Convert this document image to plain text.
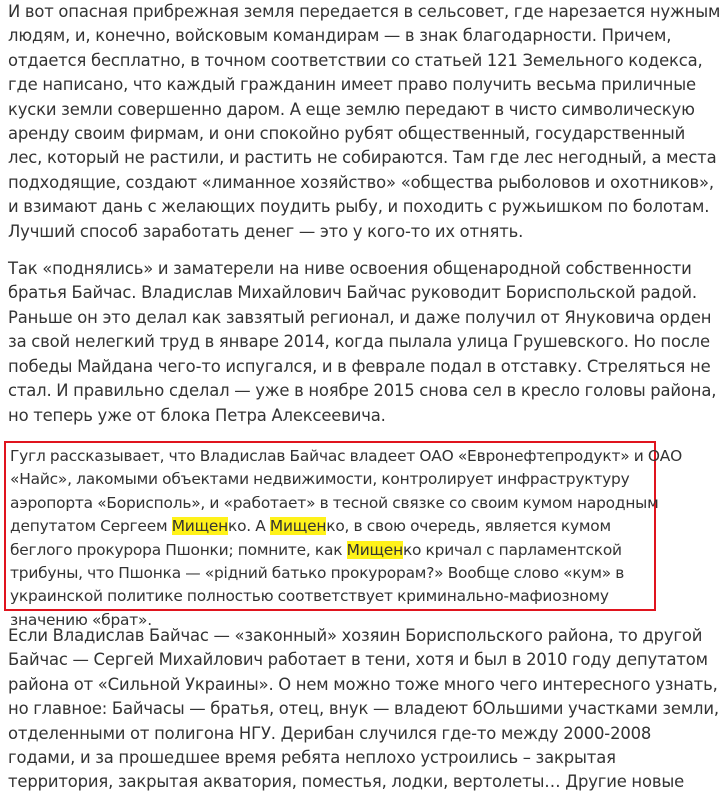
И вот опасная прибрежная земля передается в сельсовет, где нарезается нужным
людям, и, конечно, войсковым командирам — в знак благодарности. Причем,
отдается бесплатно, в точном соответствии со статьей 121 Земельного кодекса,
где написано, что каждый гражданин имеет право получить весьма приличные
куски земли совершенно даром. А еще землю передают в чисто символическую
аренду своим фирмам, и они спокойно рубят общественный, государственный
лес, который не растили, и растить не собираются. Там где лес негодный, а места
подходящие, создают «лиманное хозяйство» «общества рыболовов и охотников»,
и взимают дань с желающих поудить рыбу, и походить с ружьишком по болотам.
Лучший способ заработать денег — это у кого-то их отнять.

Так «поднялись» и заматерели на ниве освоения общенародной собственности
братья Байчас. Владислав Михайлович Байчас руководит Бориспольской радой.
Раньше он это делал как завзятый регионал, и даже получил от Януковича орден
за свой нелегкий труд в январе 2014, когда пылала улица Грушевского. Но после
победы Майдана чего-то испугался, и в феврале подал в отставку. Стреляться не
стал. И правильно сделал — уже в ноябре 2015 снова сел в кресло головы района,
но теперь уже от блока Петра Алексеевича.

Гугл рассказывает, что Владислав Байчас владеет ОАО «Евронефтепродукт» и ОАО
«Найс», лакомыми объектами недвижимости, контролирует инфраструктуру
аэропорта «Борисполь», и «работает» в тесной связке со своим кумом народным
депутатом Сергеем Мищенко. А Мищенко, в свою очередь, является кумом
беглого прокурора Пшонки; помните, как Мищенко кричал с парламентской
трибуны, что Пшонка — «рідний батько прокурорам?» Вообще слово «кум» в
украинской политике полностью соответствует криминально-мафиозному
значению «брат».

Если Владислав Байчас — «законный» хозяин Бориспольского района, то другой
Байчас — Сергей Михайлович работает в тени, хотя и был в 2010 году депутатом
района от «Сильной Украины». О нем можно тоже много чего интересного узнать,
но главное: Байчасы — братья, отец, внук — владеют бОльшими участками земли,
отделенными от полигона НГУ. Дерибан случился где-то между 2000-2008
годами, и за прошедшее время ребята неплохо устроились – закрытая
территория, закрытая акватория, поместья, лодки, вертолеты… Другие новые
